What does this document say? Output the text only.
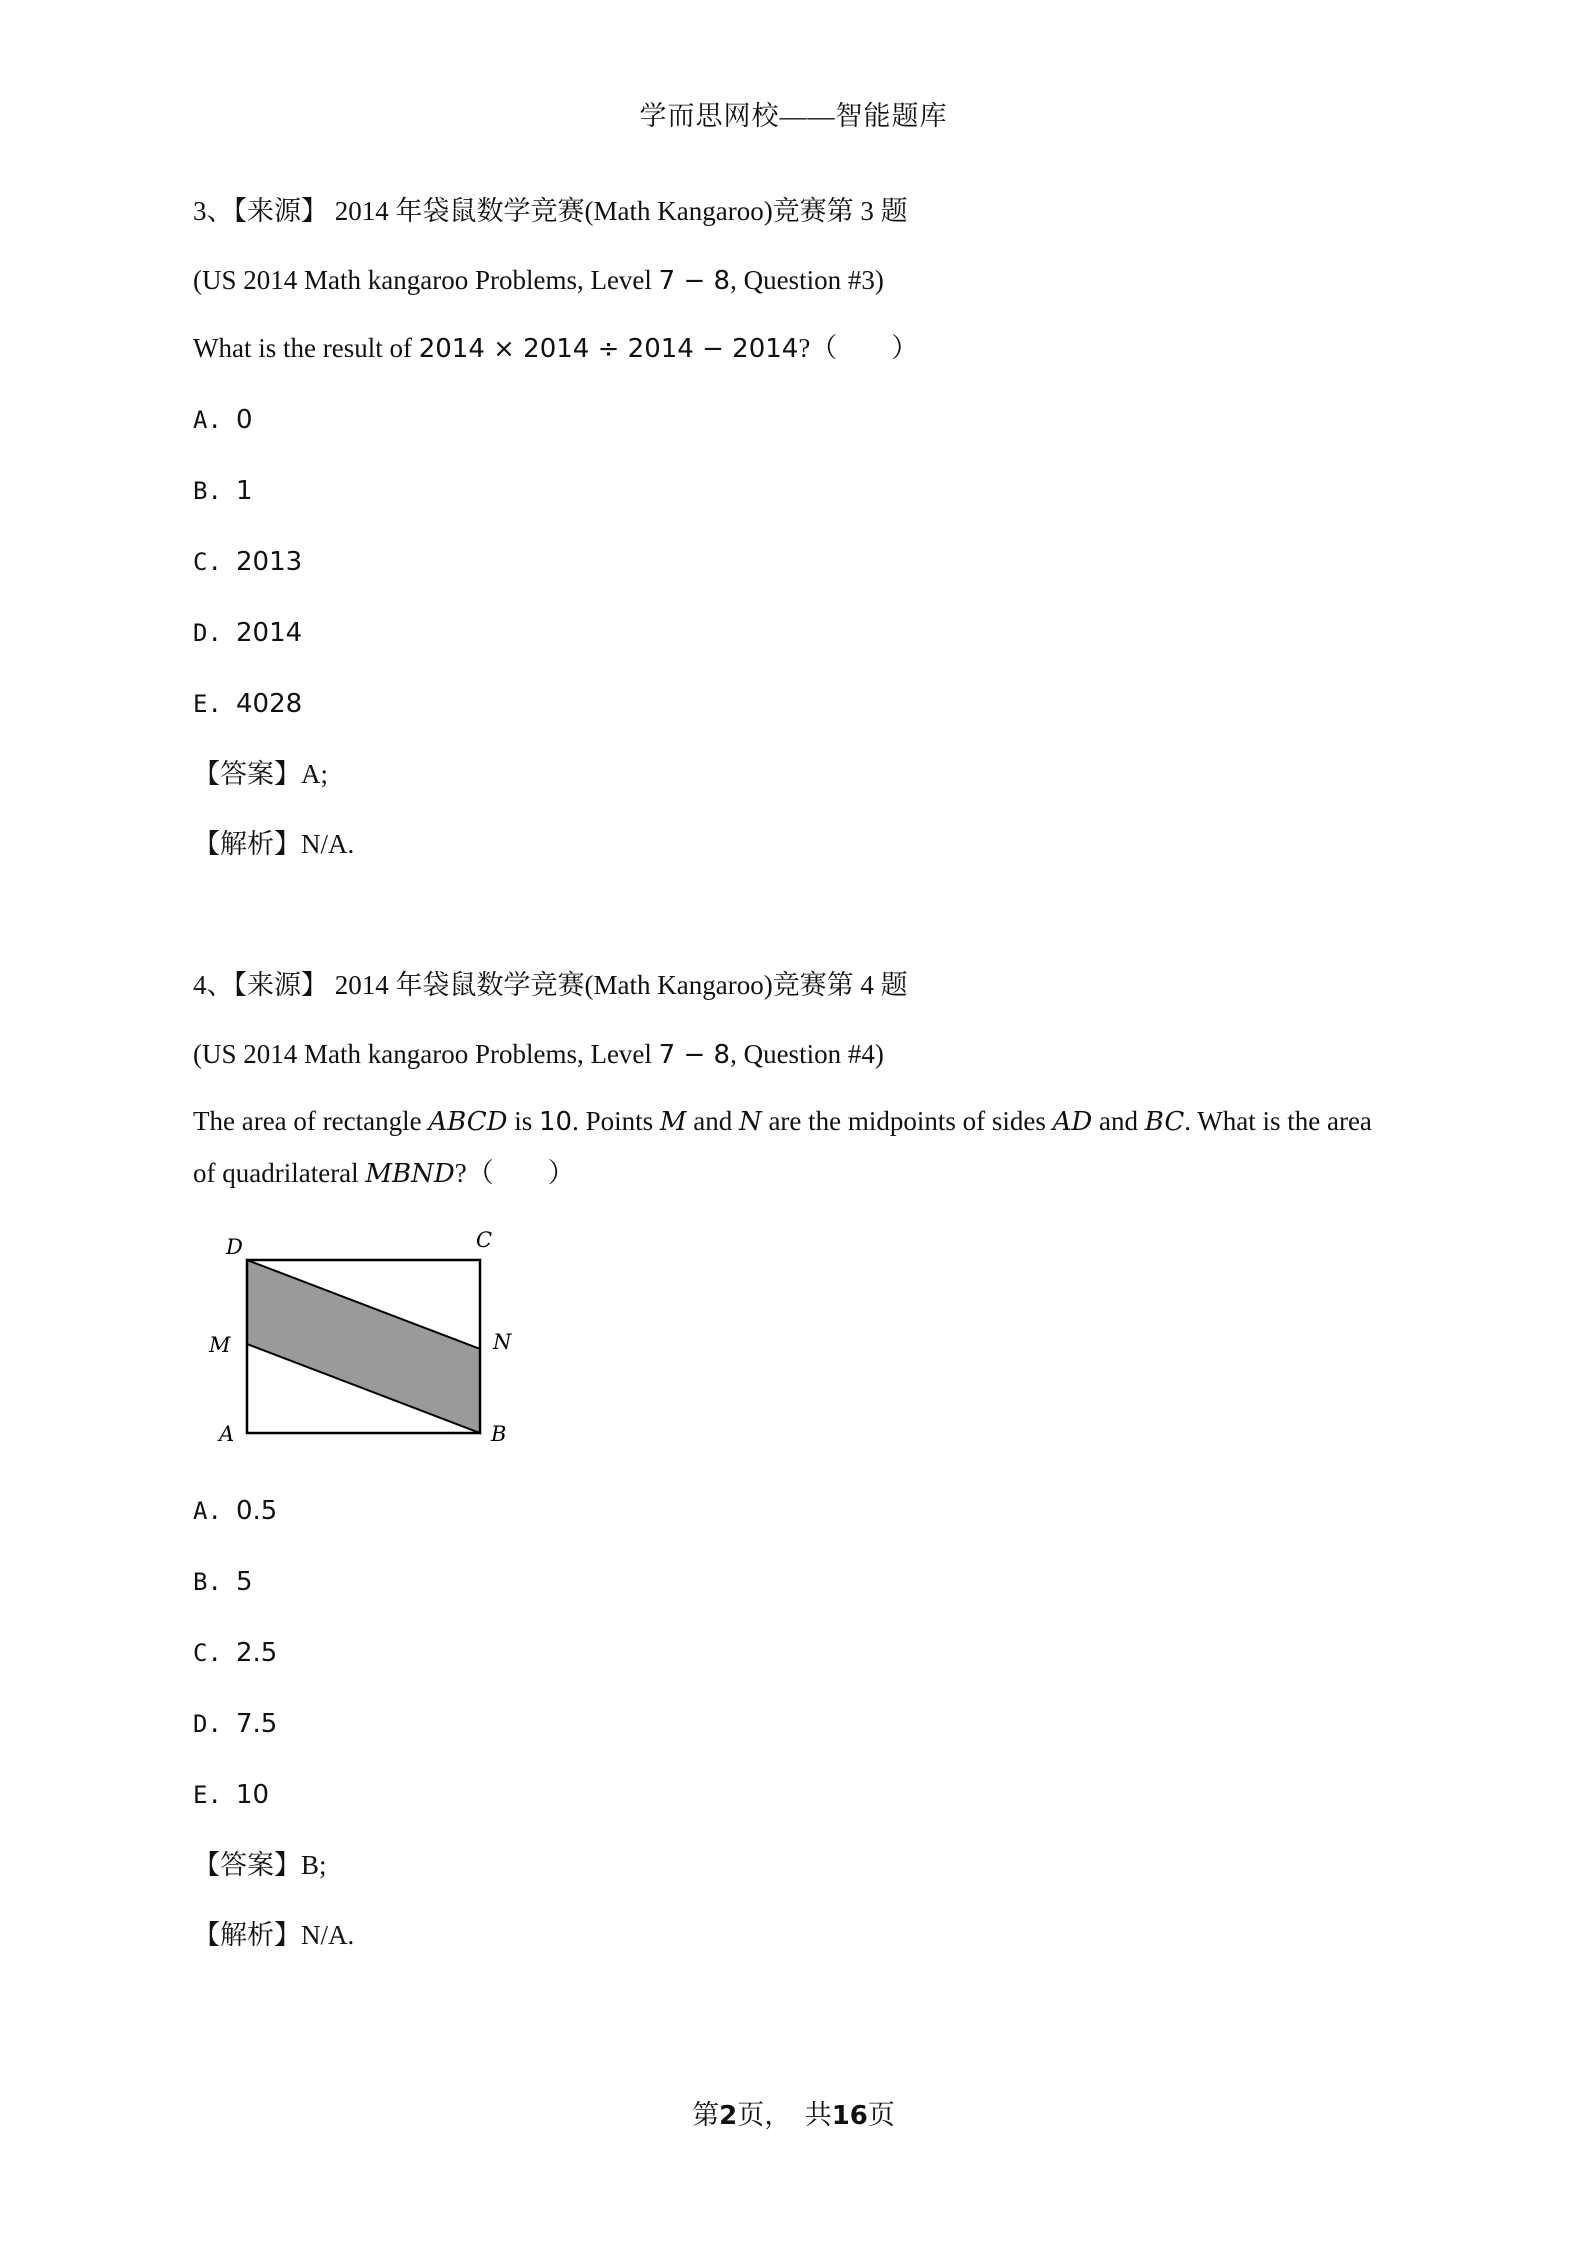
学而思网校——智能题库
3、【来源】 2014 年袋鼠数学竞赛(Math Kangaroo)竞赛第 3 题
(US 2014 Math kangaroo Problems, Level 7 − 8, Question #3)
What is the result of 2014 × 2014 ÷ 2014 − 2014?（　　）
A. 0
B. 1
C. 2013
D. 2014
E. 4028
【答案】A;
【解析】N/A.
4、【来源】 2014 年袋鼠数学竞赛(Math Kangaroo)竞赛第 4 题
(US 2014 Math kangaroo Problems, Level 7 − 8, Question #4)
The area of rectangle ABCD is 10. Points M and N are the midpoints of sides AD and BC. What is the area
of quadrilateral MBND?（　　）
A. 0.5
B. 5
C. 2.5
D. 7.5
E. 10
【答案】B;
【解析】N/A.
D	C
M	N
A	B
第2页，　共16页
